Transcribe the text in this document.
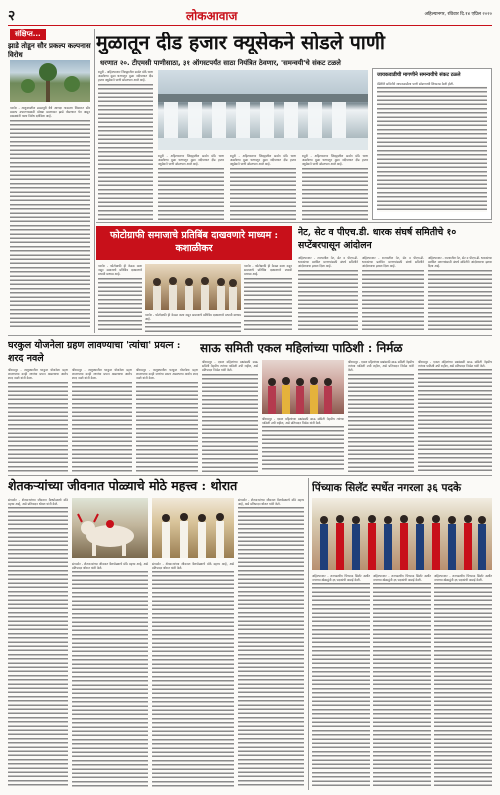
२	लोकआवाज	अहिल्यानगर, रविवार दि.१४ एप्रिल २०२०
संक्षिप्त...
झाडे तोडून सौर प्रकल्प कल्पनास विरोध
पारनेर - तालुक्यातील ढवळपुरी येथे आणदा गावठाण शिवारात सौर प्रकल्प उभारण्यासाठी मोठ्या प्रमाणावर झाडे तोडण्यात येत असून ग्रामस्थांनी याला विरोध दर्शविला आहे.
मुळातून दीड हजार क्यूसेकने सोडले पाणी
धरणात २०. टीएमसी पाणीसाठा, ३१ ऑगस्टपर्यंत साठा नियंत्रित ठेवणार, 'समन्वयी'चे संकट टळले
राहुरी - अहिल्यानगर जिल्ह्यातील सर्वात मोठे धरण असलेल्या मुळा धरणातून मुळा नदीपात्रात दीड हजार क्यूसेकने पाणी सोडण्यात आले आहे.
जायकवाडीची मागणीने समन्वयीचे संकट टळले
मेंढेगिरी समितीने जायकवाडीला पाणी सोडण्याची शिफारस केली होती.
राहुरी - अहिल्यानगर जिल्ह्यातील सर्वात मोठे धरण असलेल्या मुळा धरणातून मुळा नदीपात्रात दीड हजार क्यूसेकने पाणी सोडण्यात आले आहे.
राहुरी - अहिल्यानगर जिल्ह्यातील सर्वात मोठे धरण असलेल्या मुळा धरणातून मुळा नदीपात्रात दीड हजार क्यूसेकने पाणी सोडण्यात आले आहे.
राहुरी - अहिल्यानगर जिल्ह्यातील सर्वात मोठे धरण असलेल्या मुळा धरणातून मुळा नदीपात्रात दीड हजार क्यूसेकने पाणी सोडण्यात आले आहे.
फोटोग्राफी समाजाचे प्रतिबिंब दाखवणारे माध्यम : कशाळीकर
पारनेर - फोटोग्राफी ही केवळ कला नसून समाजाचे प्रतिबिंब दाखवणारे प्रभावी माध्यम आहे.
पारनेर - फोटोग्राफी ही केवळ कला नसून समाजाचे प्रतिबिंब दाखवणारे प्रभावी माध्यम आहे.
पारनेर - फोटोग्राफी ही केवळ कला नसून समाजाचे प्रतिबिंब दाखवणारे प्रभावी माध्यम आहे.
नेट, सेट व पीएच.डी. धारक संघर्ष समितीचे १० सप्टेंबरपासून आंदोलन
अहिल्यानगर - राज्यातील नेट, सेट व पीएच.डी. धारकांच्या प्रलंबित मागण्यांसाठी संघर्ष समितीने आंदोलनाचा इशारा दिला आहे.
अहिल्यानगर - राज्यातील नेट, सेट व पीएच.डी. धारकांच्या प्रलंबित मागण्यांसाठी संघर्ष समितीने आंदोलनाचा इशारा दिला आहे.
अहिल्यानगर - राज्यातील नेट, सेट व पीएच.डी. धारकांच्या प्रलंबित मागण्यांसाठी संघर्ष समितीने आंदोलनाचा इशारा दिला आहे.
घरकुल योजनेला ग्रहण लावण्याचा 'त्यांचा' प्रयत्न : शरद नवले
श्रीरामपूर - तालुक्यातील घरकुल योजनेला ग्रहण लावण्याचा काही जणांचा प्रयत्न असल्याचा आरोप शरद नवले यांनी केला.
श्रीरामपूर - तालुक्यातील घरकुल योजनेला ग्रहण लावण्याचा काही जणांचा प्रयत्न असल्याचा आरोप शरद नवले यांनी केला.
श्रीरामपूर - तालुक्यातील घरकुल योजनेला ग्रहण लावण्याचा काही जणांचा प्रयत्न असल्याचा आरोप शरद नवले यांनी केला.
साऊ समिती एकल महिलांच्या पाठिशी : निर्मळ
श्रीरामपूर - एकल महिलांच्या प्रश्नांसाठी साऊ समिती नेहमीच त्यांच्या पाठिशी उभी राहील, असे प्रतिपादन निर्मळ यांनी केले.
श्रीरामपूर - एकल महिलांच्या प्रश्नांसाठी साऊ समिती नेहमीच त्यांच्या पाठिशी उभी राहील, असे प्रतिपादन निर्मळ यांनी केले.
श्रीरामपूर - एकल महिलांच्या प्रश्नांसाठी साऊ समिती नेहमीच त्यांच्या पाठिशी उभी राहील, असे प्रतिपादन निर्मळ यांनी केले.
श्रीरामपूर - एकल महिलांच्या प्रश्नांसाठी साऊ समिती नेहमीच त्यांच्या पाठिशी उभी राहील, असे प्रतिपादन निर्मळ यांनी केले.
शेतकऱ्यांच्या जीवनात पोळ्याचे मोठे महत्त्व : थोरात
संगमनेर - शेतकऱ्यांच्या जीवनात बैलपोळ्याचे मोठे महत्त्व आहे, असे प्रतिपादन थोरात यांनी केले.
संगमनेर - शेतकऱ्यांच्या जीवनात बैलपोळ्याचे मोठे महत्त्व आहे, असे प्रतिपादन थोरात यांनी केले.
संगमनेर - शेतकऱ्यांच्या जीवनात बैलपोळ्याचे मोठे महत्त्व आहे, असे प्रतिपादन थोरात यांनी केले.
संगमनेर - शेतकऱ्यांच्या जीवनात बैलपोळ्याचे मोठे महत्त्व आहे, असे प्रतिपादन थोरात यांनी केले.
पिंच्याक सिलॅट स्पर्धेत नगरला ३६ पदके
अहिल्यानगर - राज्यस्तरीय पिंच्याक सिलॅट स्पर्धेत नगरच्या खेळाडूंनी ३६ पदकांची कमाई केली.
अहिल्यानगर - राज्यस्तरीय पिंच्याक सिलॅट स्पर्धेत नगरच्या खेळाडूंनी ३६ पदकांची कमाई केली.
अहिल्यानगर - राज्यस्तरीय पिंच्याक सिलॅट स्पर्धेत नगरच्या खेळाडूंनी ३६ पदकांची कमाई केली.
